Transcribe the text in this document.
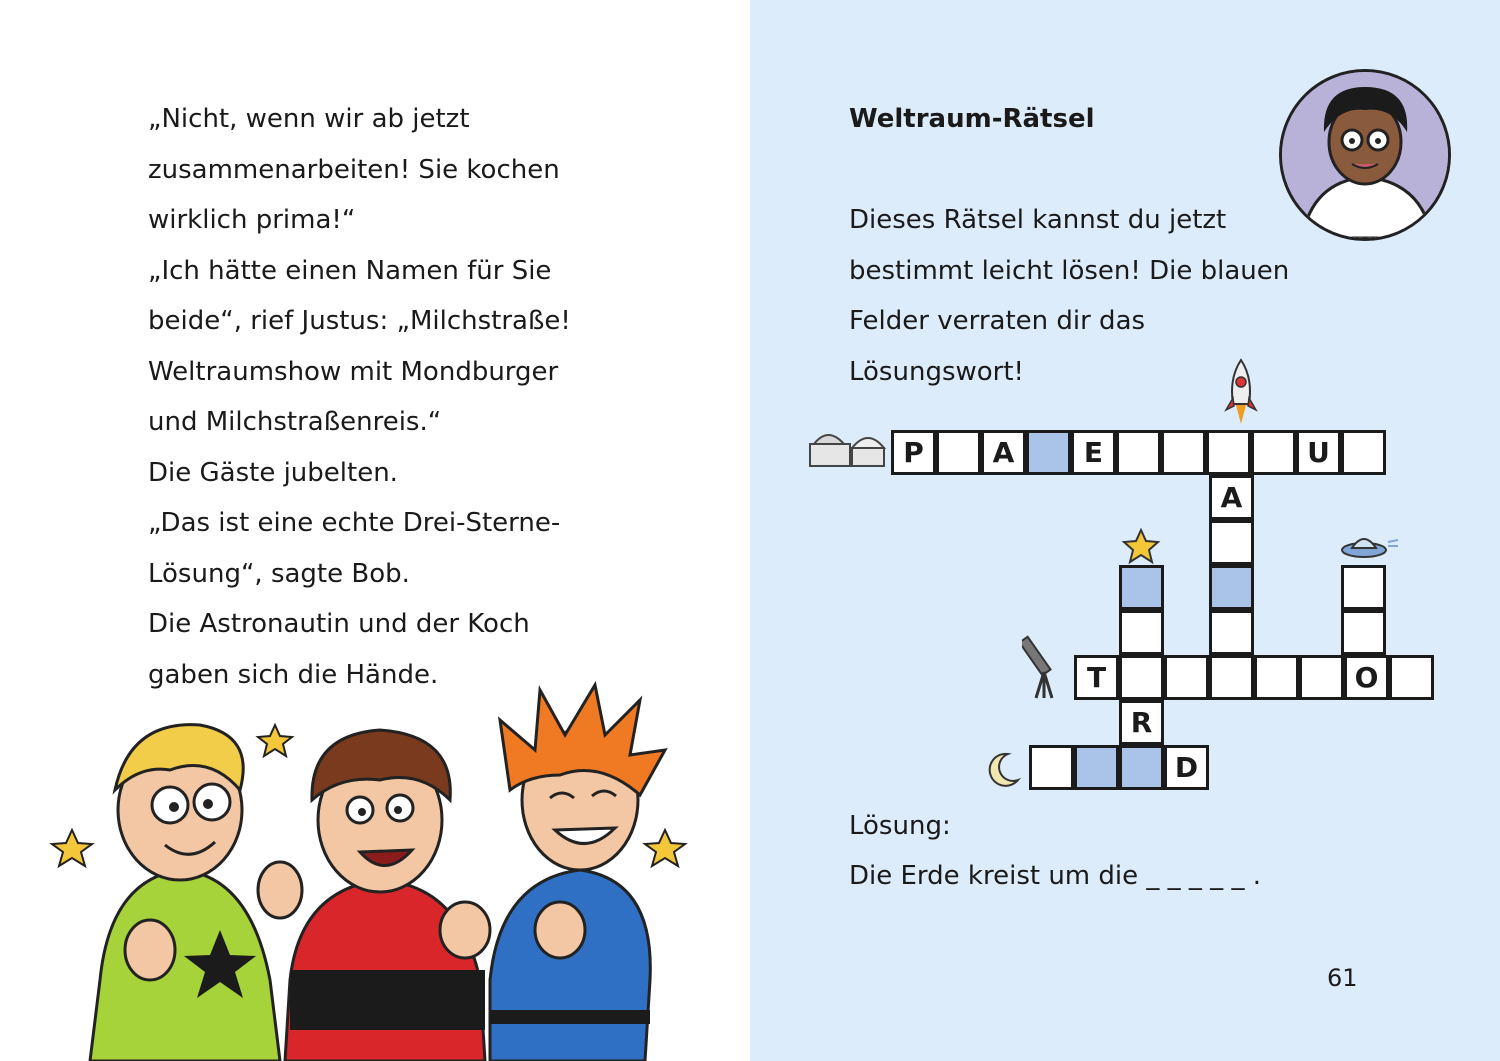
„Nicht, wenn wir ab jetzt
zusammenarbeiten! Sie kochen
wirklich prima!“
„Ich hätte einen Namen für Sie
beide“, rief Justus: „Milchstraße!
Weltraumshow mit Mondburger
und Milchstraßenreis.“
Die Gäste jubelten.
„Das ist eine echte Drei-Sterne-
Lösung“, sagte Bob.
Die Astronautin und der Koch
gaben sich die Hände.
Weltraum-Rätsel
Dieses Rätsel kannst du jetzt
bestimmt leicht lösen! Die blauen
Felder verraten dir das
Lösungswort!
P	A	E	U
A
R
T	O
D
Lösung:
Die Erde kreist um die _ _ _ _ _ .
61
